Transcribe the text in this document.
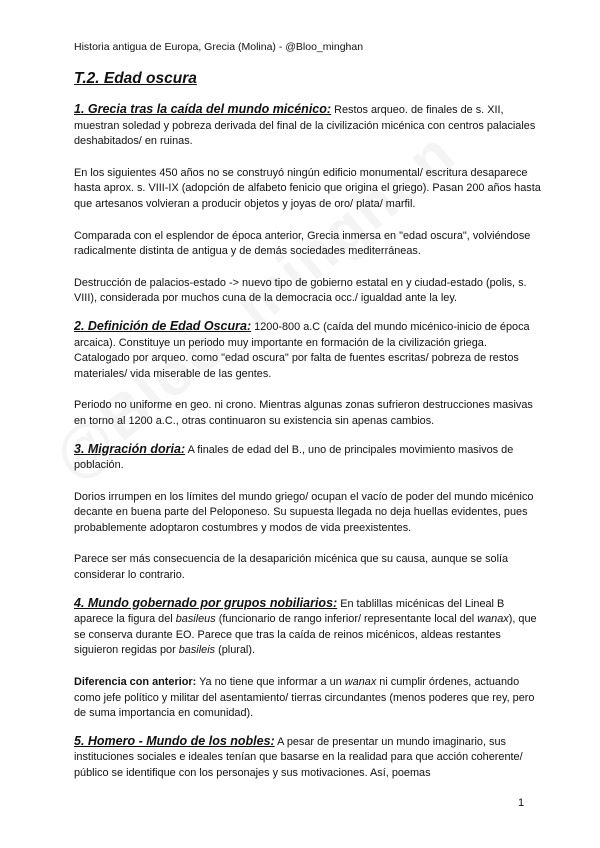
Historia antigua de Europa, Grecia (Molina) - @Bloo_minghan
T.2. Edad oscura

1. Grecia tras la caída del mundo micénico: Restos arqueo. de finales de s. XII, muestran soledad y pobreza derivada del final de la civilización micénica con centros palaciales deshabitados/ en ruinas.

En los siguientes 450 años no se construyó ningún edificio monumental/ escritura desaparece hasta aprox. s. VIII-IX (adopción de alfabeto fenicio que origina el griego). Pasan 200 años hasta que artesanos volvieran a producir objetos y joyas de oro/ plata/ marfil.

Comparada con el esplendor de época anterior, Grecia inmersa en "edad oscura", volviéndose radicalmente distinta de antigua y de demás sociedades mediterráneas.

Destrucción de palacios-estado -> nuevo tipo de gobierno estatal en y ciudad-estado (polis, s. VIII), considerada por muchos cuna de la democracia occ./ igualdad ante la ley.

2. Definición de Edad Oscura: 1200-800 a.C (caída del mundo micénico-inicio de época arcaica). Constituye un periodo muy importante en formación de la civilización griega. Catalogado por arqueo. como "edad oscura" por falta de fuentes escritas/ pobreza de restos materiales/ vida miserable de las gentes.

Periodo no uniforme en geo. ni crono. Mientras algunas zonas sufrieron destrucciones masivas en torno al 1200 a.C., otras continuaron su existencia sin apenas cambios.

3. Migración doria: A finales de edad del B., uno de principales movimiento masivos de población.

Dorios irrumpen en los límites del mundo griego/ ocupan el vacío de poder del mundo micénico decante en buena parte del Peloponeso. Su supuesta llegada no deja huellas evidentes, pues probablemente adoptaron costumbres y modos de vida preexistentes.

Parece ser más consecuencia de la desaparición micénica que su causa, aunque se solía considerar lo contrario.

4. Mundo gobernado por grupos nobiliarios: En tablillas micénicas del Lineal B aparece la figura del basileus (funcionario de rango inferior/ representante local del wanax), que se conserva durante EO. Parece que tras la caída de reinos micénicos, aldeas restantes siguieron regidas por basileis (plural).

Diferencia con anterior: Ya no tiene que informar a un wanax ni cumplir órdenes, actuando como jefe político y militar del asentamiento/ tierras circundantes (menos poderes que rey, pero de suma importancia en comunidad).

5. Homero - Mundo de los nobles: A pesar de presentar un mundo imaginario, sus instituciones sociales e ideales tenían que basarse en la realidad para que acción coherente/ público se identifique con los personajes y sus motivaciones. Así, poemas

1
